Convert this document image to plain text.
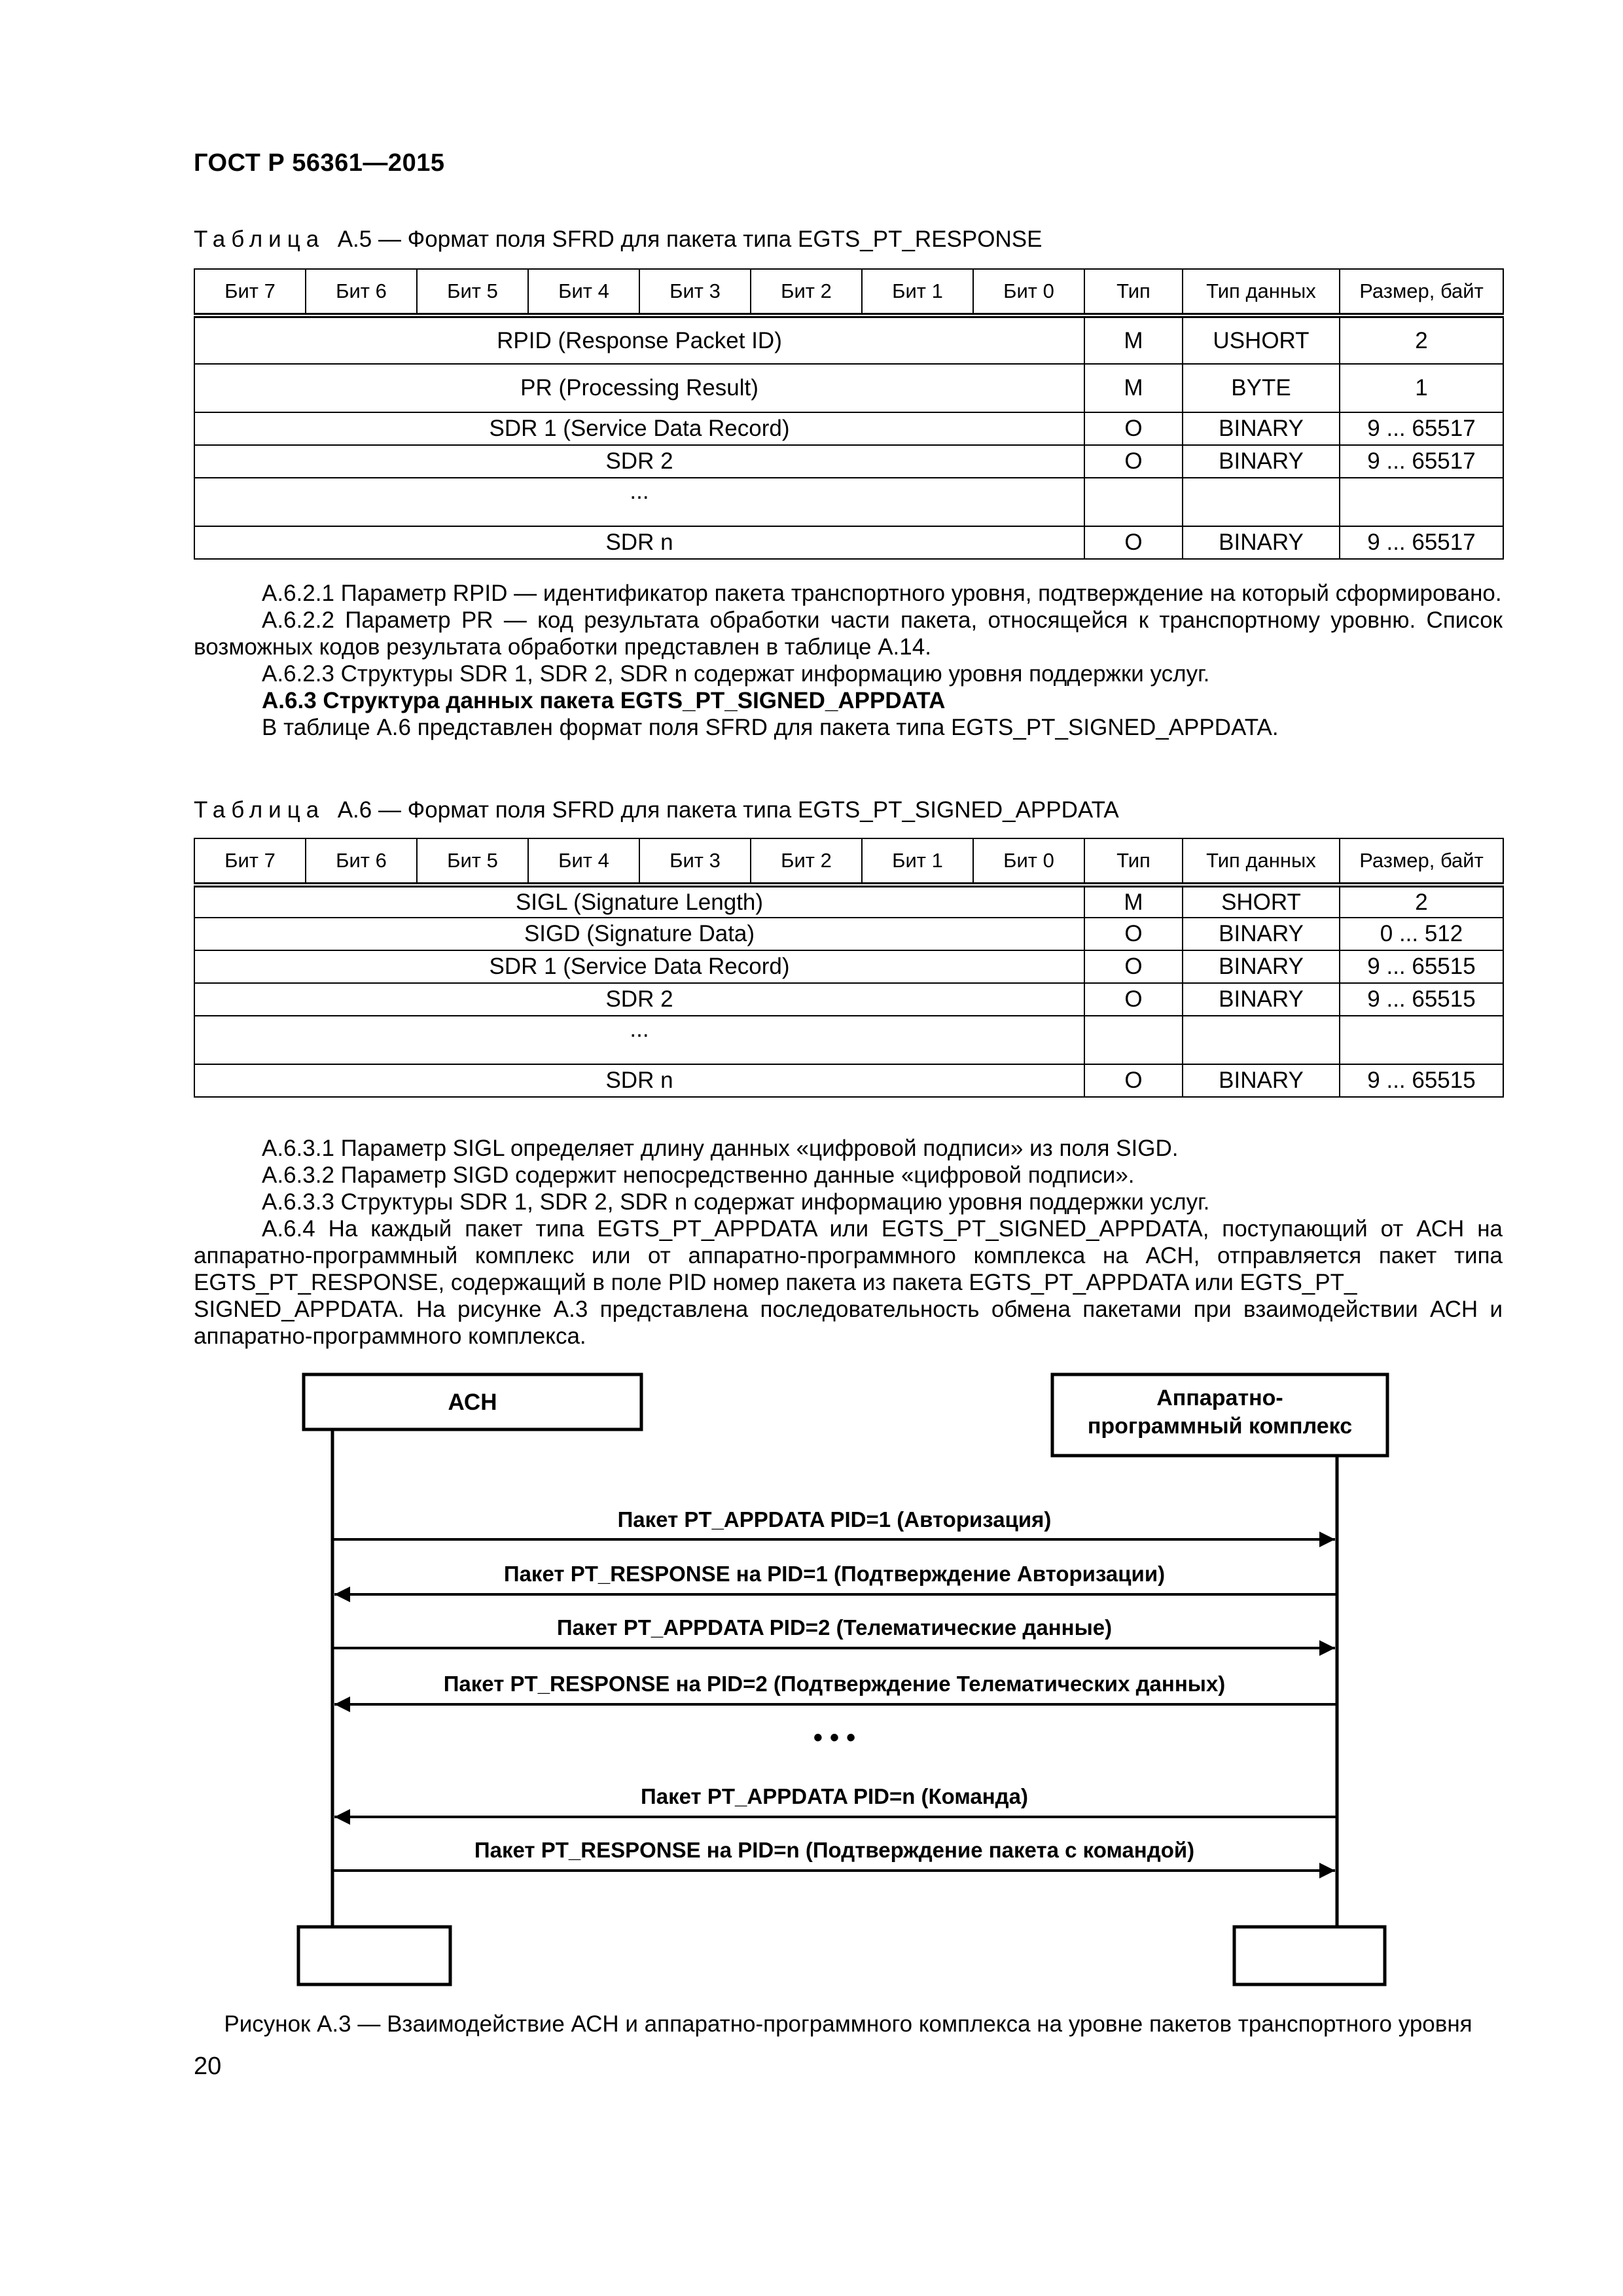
ГОСТ Р 56361—2015
Таблица А.5 — Формат поля SFRD для пакета типа EGTS_PT_RESPONSE
Бит 7	Бит 6	Бит 5	Бит 4	Бит 3	Бит 2	Бит 1	Бит 0	Тип	Тип данных	Размер, байт
RPID (Response Packet ID)								M	USHORT	2
PR (Processing Result)								M	BYTE	1
SDR 1 (Service Data Record)								O	BINARY	9 ... 65517
SDR 2								O	BINARY	9 ... 65517
...										
SDR n								O	BINARY	9 ... 65517

А.6.2.1 Параметр RPID — идентификатор пакета транспортного уровня, подтверждение на который сформировано.

А.6.2.2 Параметр PR — код результата обработки части пакета, относящейся к транспортному уровню. Список возможных кодов результата обработки представлен в таблице А.14.

А.6.2.3 Структуры SDR 1, SDR 2, SDR n содержат информацию уровня поддержки услуг.

А.6.3 Структура данных пакета EGTS_PT_SIGNED_APPDATA

В таблице А.6 представлен формат поля SFRD для пакета типа EGTS_PT_SIGNED_APPDATA.

Таблица А.6 — Формат поля SFRD для пакета типа EGTS_PT_SIGNED_APPDATA
Бит 7	Бит 6	Бит 5	Бит 4	Бит 3	Бит 2	Бит 1	Бит 0	Тип	Тип данных	Размер, байт
SIGL (Signature Length)								M	SHORT	2
SIGD (Signature Data)								O	BINARY	0 ... 512
SDR 1 (Service Data Record)								O	BINARY	9 ... 65515
SDR 2								O	BINARY	9 ... 65515
...										
SDR n								O	BINARY	9 ... 65515

А.6.3.1 Параметр SIGL определяет длину данных «цифровой подписи» из поля SIGD.

А.6.3.2 Параметр SIGD содержит непосредственно данные «цифровой подписи».

А.6.3.3 Структуры SDR 1, SDR 2, SDR n содержат информацию уровня поддержки услуг.

А.6.4 На каждый пакет типа EGTS_PT_APPDATA или EGTS_PT_SIGNED_APPDATA, поступающий от АСН на аппаратно-программный комплекс или от аппаратно-программного комплекса на АСН, отправляется пакет типа EGTS_PT_RESPONSE, содержащий в поле PID номер пакета из пакета EGTS_PT_APPDATA или EGTS_PT_
SIGNED_APPDATA. На рисунке А.3 представлена последовательность обмена пакетами при взаимодействии АСН и аппаратно-программного комплекса.

АСН	Аппаратно-
программный комплекс
Пакет PT_APPDATA PID=1 (Авторизация)
Пакет PT_RESPONSE на PID=1 (Подтверждение Авторизации)
Пакет PT_APPDATA PID=2 (Телематические данные)
Пакет PT_RESPONSE на PID=2 (Подтверждение Телематических данных)
• • •
Пакет PT_APPDATA PID=n (Команда)
Пакет PT_RESPONSE на PID=n (Подтверждение пакета с командой)
Рисунок А.3 — Взаимодействие АСН и аппаратно-программного комплекса на уровне пакетов транспортного уровня
20
